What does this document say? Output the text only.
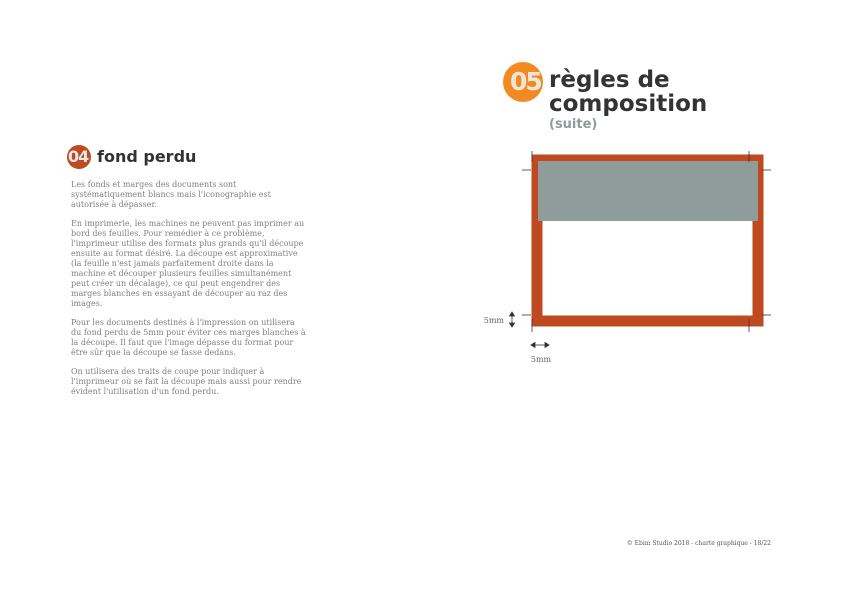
04 fond perdu

Les fonds et marges des documents sont systématiquement blancs mais l'iconographie est autorisée à dépasser.

En imprimerie, les machines ne peuvent pas imprimer au bord des feuilles. Pour remédier à ce problème, l'imprimeur utilise des formats plus grands qu'il découpe ensuite au format désiré. La découpe est approximative (la feuille n'est jamais parfaitement droite dans la machine et découper plusieurs feuilles simultanément peut créer un décalage), ce qui peut engendrer des marges blanches en essayant de découper au raz des images.

Pour les documents destinés à l'impression on utilisera du fond perdu de 5mm pour éviter ces marges blanches à la découpe. Il faut que l'image dépasse du format pour être sûr que la découpe se fasse dedans.

On utilisera des traits de coupe pour indiquer à l'imprimeur où se fait la découpe mais aussi pour rendre évident l'utilisation d'un fond perdu.

05 règles de composition
(suite)
5mm
5mm
© Ebim Studio 2018 - charte graphique - 18/22
